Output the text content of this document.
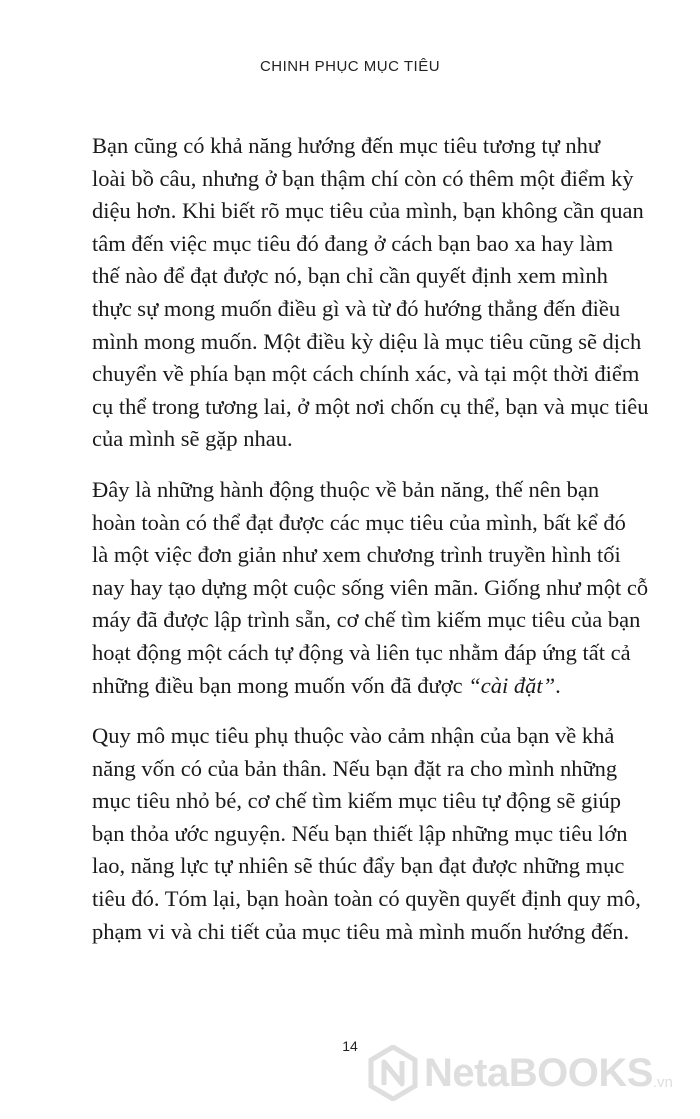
CHINH PHỤC MỤC TIÊU

Bạn cũng có khả năng hướng đến mục tiêu tương tự như
loài bồ câu, nhưng ở bạn thậm chí còn có thêm một điểm kỳ
diệu hơn. Khi biết rõ mục tiêu của mình, bạn không cần quan
tâm đến việc mục tiêu đó đang ở cách bạn bao xa hay làm
thế nào để đạt được nó, bạn chỉ cần quyết định xem mình
thực sự mong muốn điều gì và từ đó hướng thẳng đến điều
mình mong muốn. Một điều kỳ diệu là mục tiêu cũng sẽ dịch
chuyển về phía bạn một cách chính xác, và tại một thời điểm
cụ thể trong tương lai, ở một nơi chốn cụ thể, bạn và mục tiêu
của mình sẽ gặp nhau.

Đây là những hành động thuộc về bản năng, thế nên bạn
hoàn toàn có thể đạt được các mục tiêu của mình, bất kể đó
là một việc đơn giản như xem chương trình truyền hình tối
nay hay tạo dựng một cuộc sống viên mãn. Giống như một cỗ
máy đã được lập trình sẵn, cơ chế tìm kiếm mục tiêu của bạn
hoạt động một cách tự động và liên tục nhằm đáp ứng tất cả
những điều bạn mong muốn vốn đã được “cài đặt”.

Quy mô mục tiêu phụ thuộc vào cảm nhận của bạn về khả
năng vốn có của bản thân. Nếu bạn đặt ra cho mình những
mục tiêu nhỏ bé, cơ chế tìm kiếm mục tiêu tự động sẽ giúp
bạn thỏa ước nguyện. Nếu bạn thiết lập những mục tiêu lớn
lao, năng lực tự nhiên sẽ thúc đẩy bạn đạt được những mục
tiêu đó. Tóm lại, bạn hoàn toàn có quyền quyết định quy mô,
phạm vi và chi tiết của mục tiêu mà mình muốn hướng đến.

14
NetaBOOKS .vn
